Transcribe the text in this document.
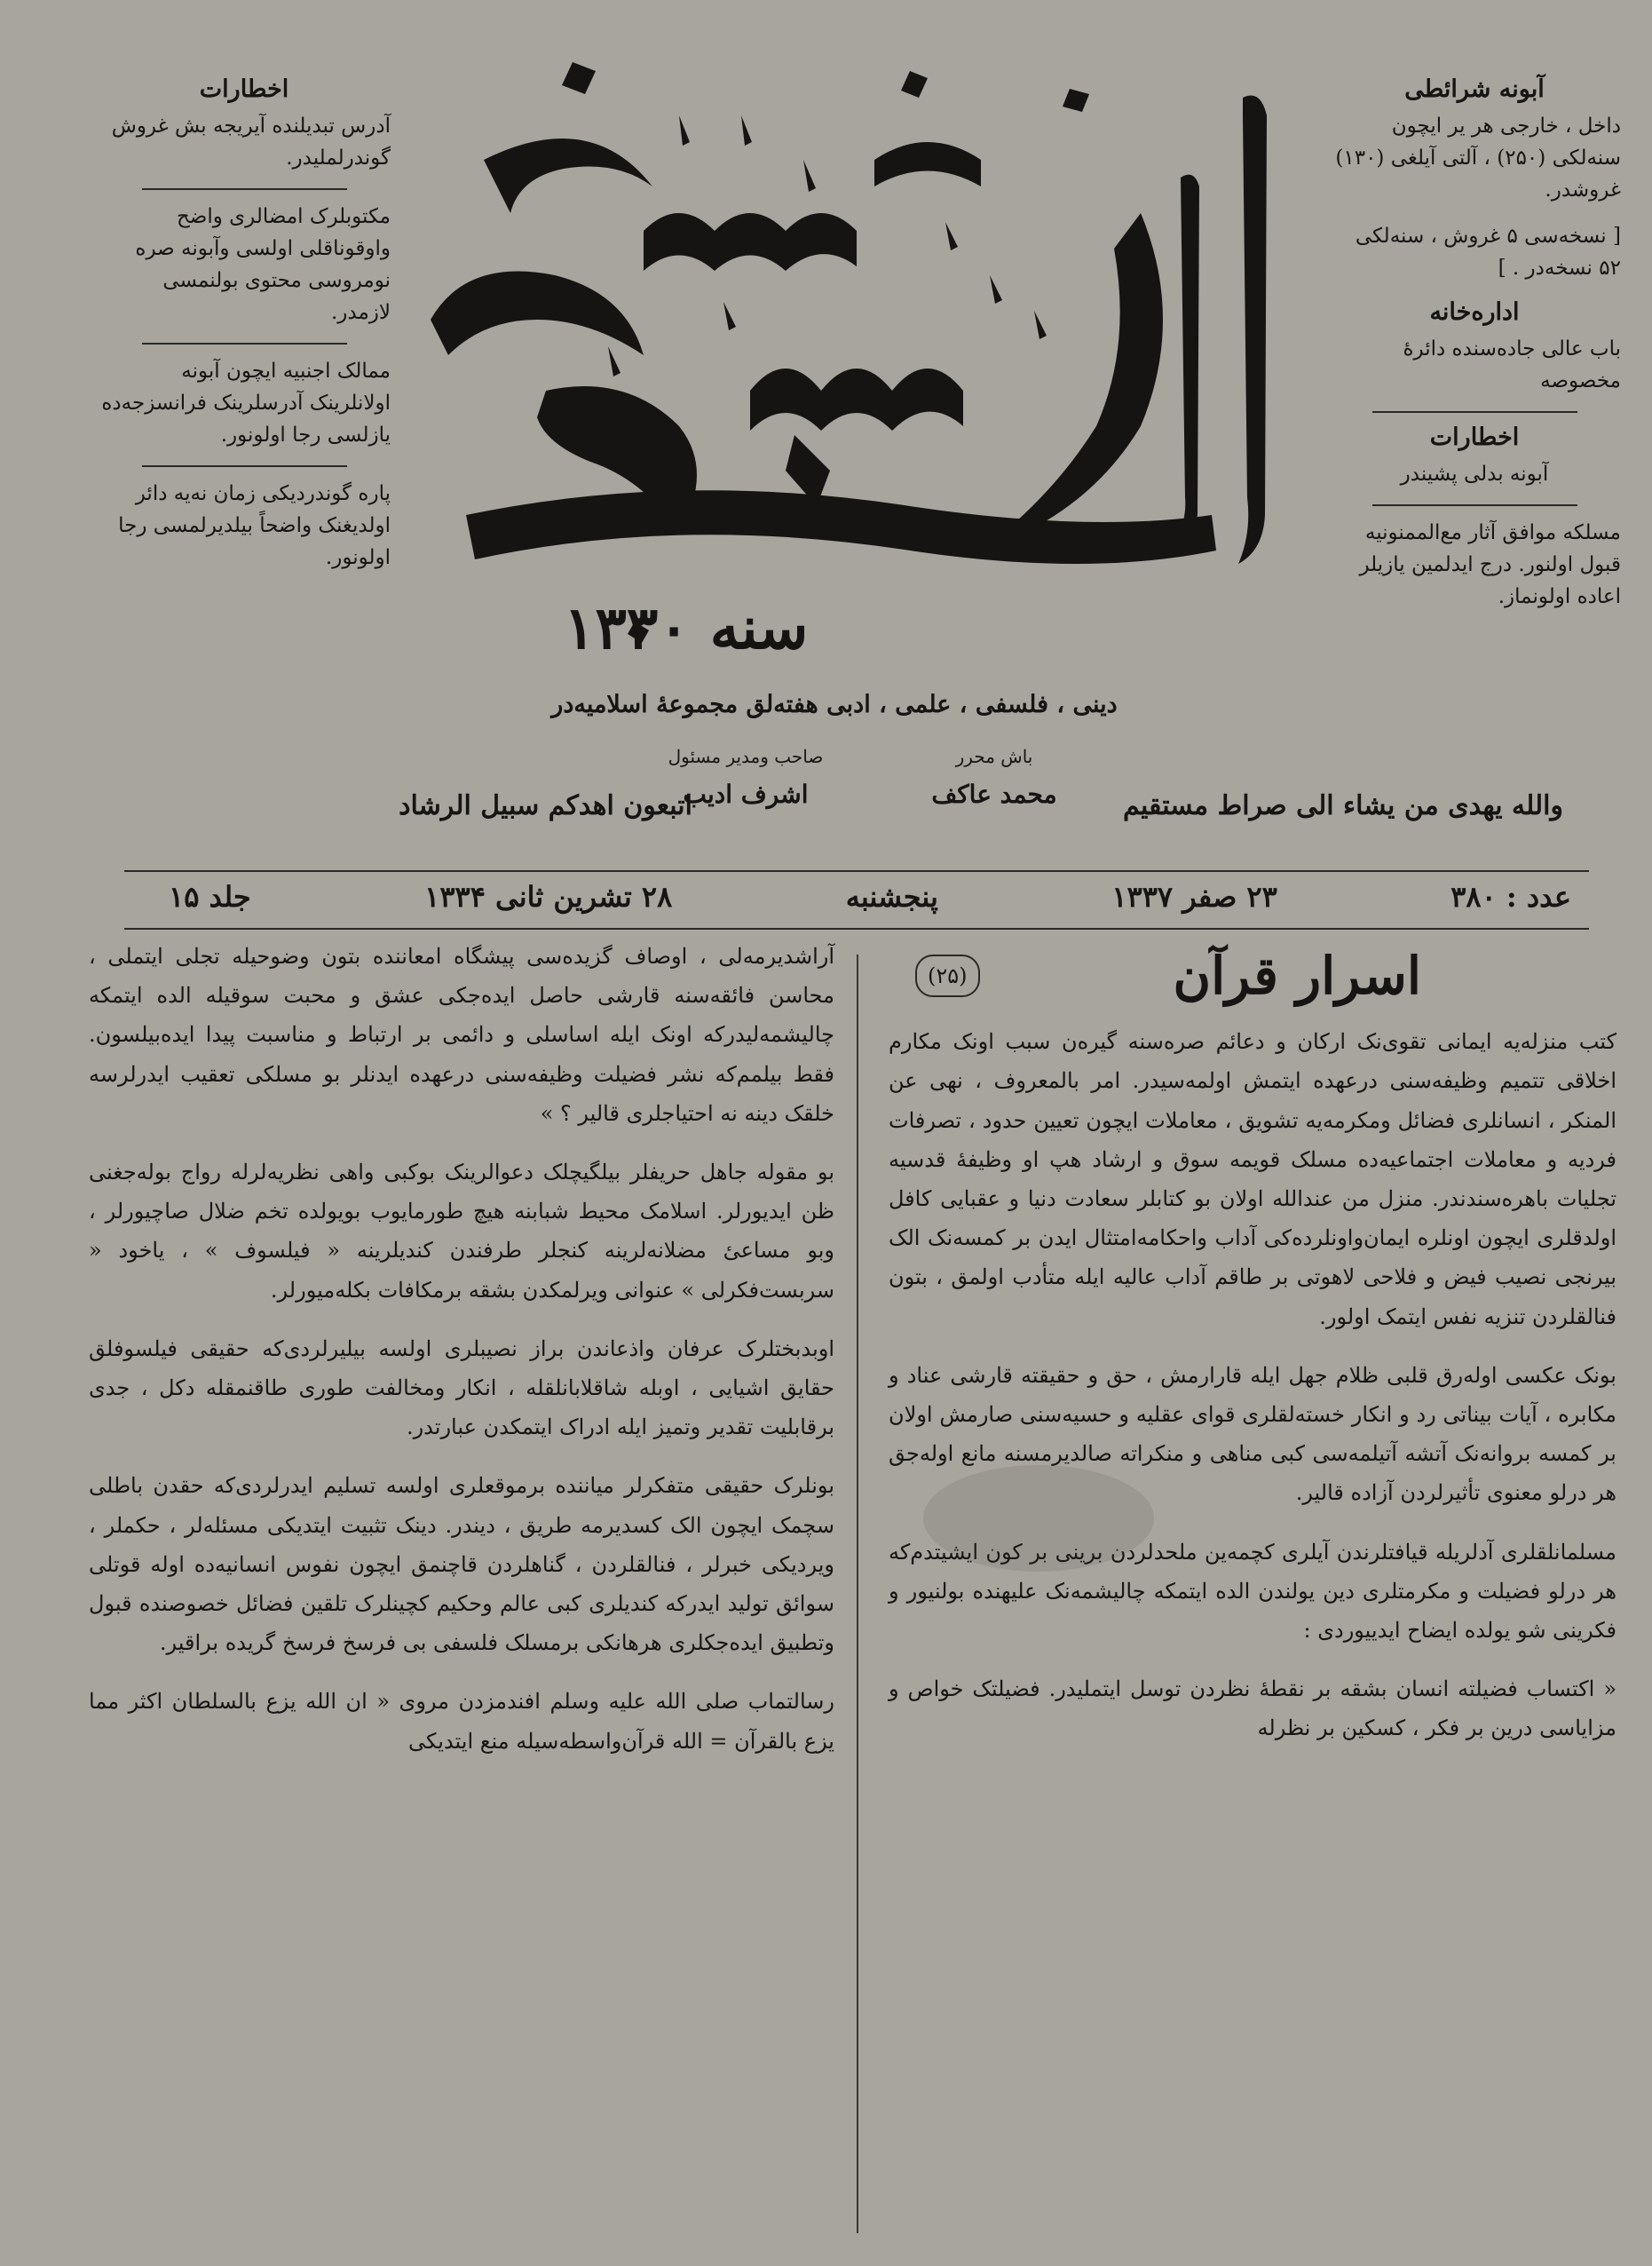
آبونه شرائطی

داخل ، خارجی هر یر ایچون سنه‌لکی (۲۵۰) ، آلتی آیلغی (۱۳۰) غروشدر.

[ نسخه‌سی ۵ غروش ، سنه‌لکی ۵۲ نسخه‌در . ]

اداره‌خانه

باب عالی جاده‌سنده دائرهٔ مخصوصه

اخطارات

آبونه بدلی پشیندر

مسلکه موافق آثار مع‌الممنونیه قبول اولنور. درج ایدلمین یازیلر اعاده اولونماز.

اخطارات

آدرس تبدیلنده آیریجه بش غروش گوندرلملیدر.

مکتوبلرک امضالری واضح واوقوناقلی اولسی وآبونه صره نومروسی محتوی بولنمسی لازمدر.

ممالک اجنبیه ایچون آبونه اولانلرینک آدرسلرینک فرانسزجه‌ده یازلسی رجا اولونور.

پاره گوندردیکی زمان نه‌یه دائر اولدیغنک واضحاً بیلدیرلمسی رجا اولونور.

سنه ۱۳۳۰
دینی ، فلسفی ، علمی ، ادبی هفته‌لق مجموعهٔ اسلامیه‌در
والله یهدی من یشاء الی صراط مستقیم
اتبعون اهدکم سبیل الرشاد
باش محرر
محمد عاکف
صاحب ومدیر مسئول
اشرف ادیب
عدد : ۳۸۰
۲۳ صفر ۱۳۳۷
پنجشنبه
۲۸ تشرین ثانی ۱۳۳۴
جلد ۱۵
اسرار قرآن
(۲۵)

کتب منزله‌یه ایمانی تقوی‌نک ارکان و دعائم صره‌سنه گیره‌ن سبب اونک مکارم اخلاقی تتمیم وظیفه‌سنی درعهده ایتمش اولمه‌سیدر. امر بالمعروف ، نهی عن المنکر ، انسانلری فضائل ومکرمه‌یه تشویق ، معاملات ایچون تعیین حدود ، تصرفات فردیه و معاملات اجتماعیه‌ده مسلک قویمه سوق و ارشاد هپ او وظیفهٔ قدسیه تجلیات باهره‌سندندر. منزل من عندالله اولان بو کتابلر سعادت دنیا و عقبایی کافل اولدقلری ایچون اونلره ایمان‌واونلرده‌کی آداب واحکامه‌امتثال ایدن بر کمسه‌نک الک بیرنجی نصیب فیض و فلاحی لاهوتی بر طاقم آداب عالیه ایله متأدب اولمق ، بتون فنالقلردن تنزیه نفس ایتمک اولور.

بونک عکسی اوله‌رق قلبی ظلام جهل ایله قارارمش ، حق و حقیقته قارشی عناد و مکابره ، آیات بیناتی رد و انکار خسته‌لقلری قوای عقلیه و حسیه‌سنی صارمش اولان بر کمسه بروانه‌نک آتشه آتیلمه‌سی کبی مناهی و منکراته صالدیرمسنه مانع اوله‌جق هر درلو معنوی تأثیرلردن آزاده قالیر.

مسلمانلقلری آدلریله قیافتلرندن آیلری کچمه‌ین ملحدلردن برینی بر کون ایشیتدم‌که هر درلو فضیلت و مکرمتلری دین یولندن الده ایتمکه چالیشمه‌نک علیهنده بولنیور و فکرینی شو یولده ایضاح ایدییوردی :

« اکتساب فضیلته انسان بشقه بر نقطهٔ نظردن توسل ایتملیدر. فضیلتک خواص و مزایاسی درین بر فکر ، کسکین بر نظرله

آراشدیرمه‌لی ، اوصاف گزیده‌سی پیشگاه امعاننده بتون وضوحیله تجلی ایتملی ، محاسن فائقه‌سنه قارشی حاصل ایده‌جکی عشق و محبت سوقیله الده ایتمکه چالیشمه‌لیدرکه اونک ایله اساسلی و دائمی بر ارتباط و مناسبت پیدا ایده‌بیلسون. فقط بیلمم‌که نشر فضیلت وظیفه‌سنی درعهده ایدنلر بو مسلکی تعقیب ایدرلرسه خلقک دینه نه احتیاجلری قالیر ؟ »

بو مقوله جاهل حریفلر بیلگیچلک دعوالرینک بوکبی واهی نظریه‌لرله رواج بوله‌جغنی ظن ایدیورلر. اسلامک محیط شبابنه هیچ طورمایوب بویولده تخم ضلال صاچیورلر ، وبو مساعیٔ مضلانه‌لرینه کنجلر طرفندن کندیلرینه « فیلسوف » ، یاخود « سربست‌فکرلی » عنوانی ویرلمکدن بشقه برمکافات بکله‌میورلر.

اوبدبختلرک عرفان واذعاندن براز نصیبلری اولسه بیلیرلردی‌که حقیقی فیلسوفلق حقایق اشیایی ، اوبله شاقلابانلقله ، انکار ومخالفت طوری طاقنمقله دکل ، جدی برقابلیت تقدیر وتمیز ایله ادراک ایتمکدن عبارتدر.

بونلرک حقیقی متفکرلر میاننده برموقعلری اولسه تسلیم ایدرلردی‌که حقدن باطلی سچمک ایچون الک کسدیرمه طریق ، دیندر. دینک تثبیت ایتدیکی مسئله‌لر ، حکملر ، ویردیکی خبرلر ، فنالقلردن ، گناهلردن قاچنمق ایچون نفوس انسانیه‌ده اوله قوتلی سوائق تولید ایدرکه کندیلری کبی عالم وحکیم کچینلرک تلقین فضائل خصوصنده قبول وتطبیق ایده‌جکلری هرهانکی برمسلک فلسفی بی فرسخ فرسخ گریده براقیر.

رسالتماب صلی الله علیه وسلم افندمزدن مروی « ان الله یزع بالسلطان اکثر مما یزع بالقرآن = الله قرآن‌واسطه‌سیله منع ایتدیکی
